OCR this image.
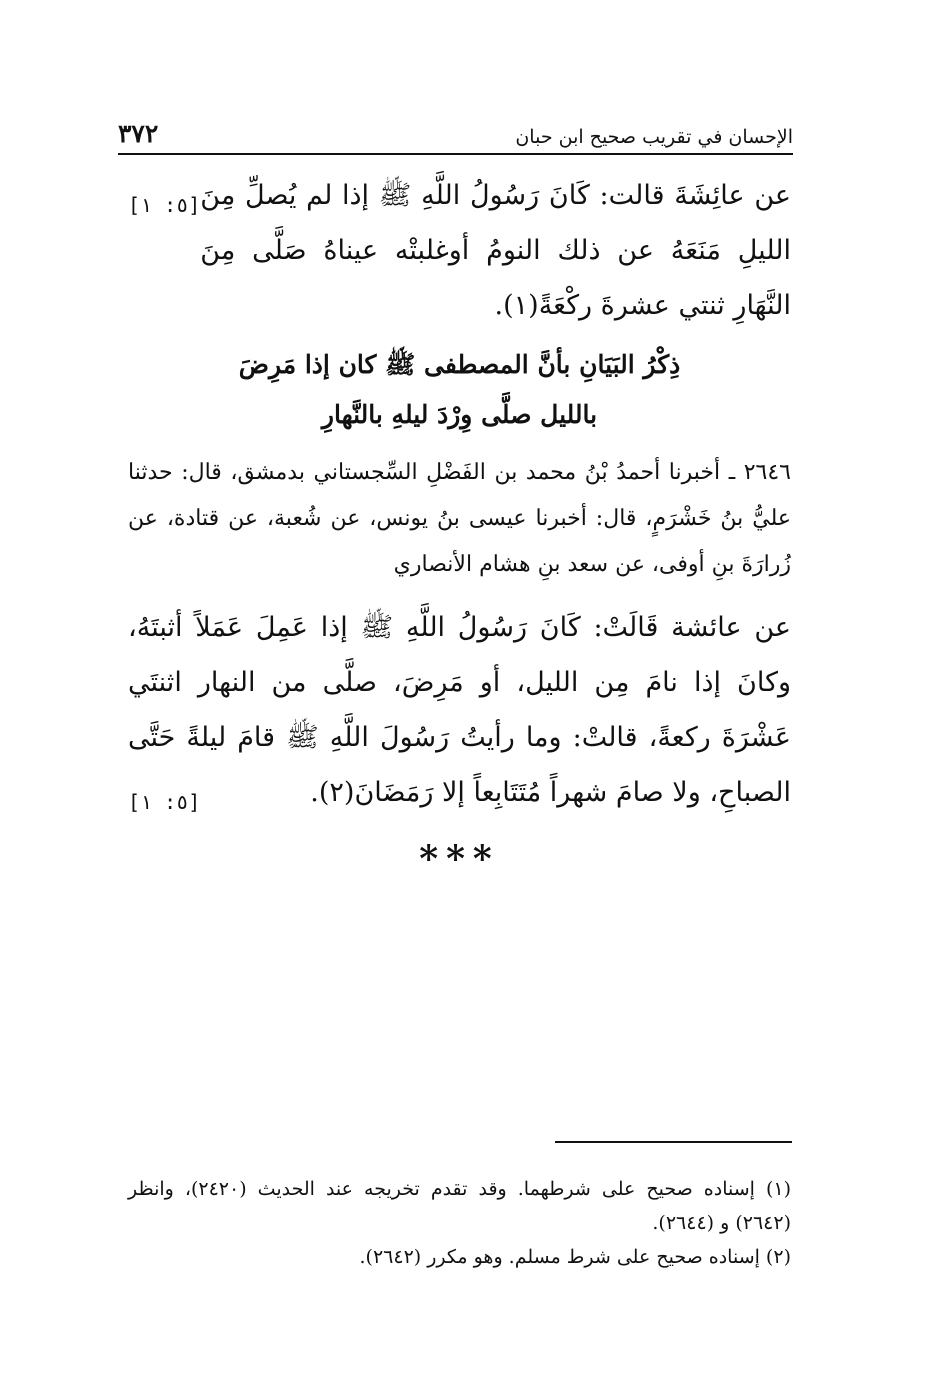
٣٧٢	الإحسان في تقريب صحيح ابن حبان
[٥: ١] عن عائِشَةَ قالت: كَانَ رَسُولُ اللَّهِ ﷺ إذا لم يُصلِّ مِنَ الليلِ مَنَعَهُ عن ذلك النومُ أوغلبتْه عيناهُ صَلَّى مِنَ النَّهَارِ ثنتي عشرةَ ركْعَةً(١).
ذِكْرُ البَيَانِ بأنَّ المصطفى ﷺ كان إذا مَرِضَ
بالليل صلَّى وِرْدَ ليلهِ بالنَّهارِ
٢٦٤٦ ـ أخبرنا أحمدُ بْنُ محمد بن الفَضْلِ السِّجستاني بدمشق، قال: حدثنا عليُّ بنُ خَشْرَمٍ، قال: أخبرنا عيسى بنُ يونس، عن شُعبة، عن قتادة، عن زُرارَةَ بنِ أوفى، عن سعد بنِ هشام الأنصاري
[٥: ١]
عن عائشة قَالَتْ: كَانَ رَسُولُ اللَّهِ ﷺ إذا عَمِلَ عَمَلاً أثبتَهُ، وكانَ إذا نامَ مِن الليل، أو مَرِضَ، صلَّى من النهار اثنتَي عَشْرَةَ ركعةً، قالتْ: وما رأيتُ رَسُولَ اللَّهِ ﷺ قامَ ليلةً حَتَّى الصباحِ، ولا صامَ شهراً مُتَتَابِعاً إلا رَمَضَانَ(٢).
***
(١) إسناده صحيح على شرطهما. وقد تقدم تخريجه عند الحديث (٢٤٢٠)، وانظر (٢٦٤٢) و (٢٦٤٤).
(٢) إسناده صحيح على شرط مسلم. وهو مكرر (٢٦٤٢).
